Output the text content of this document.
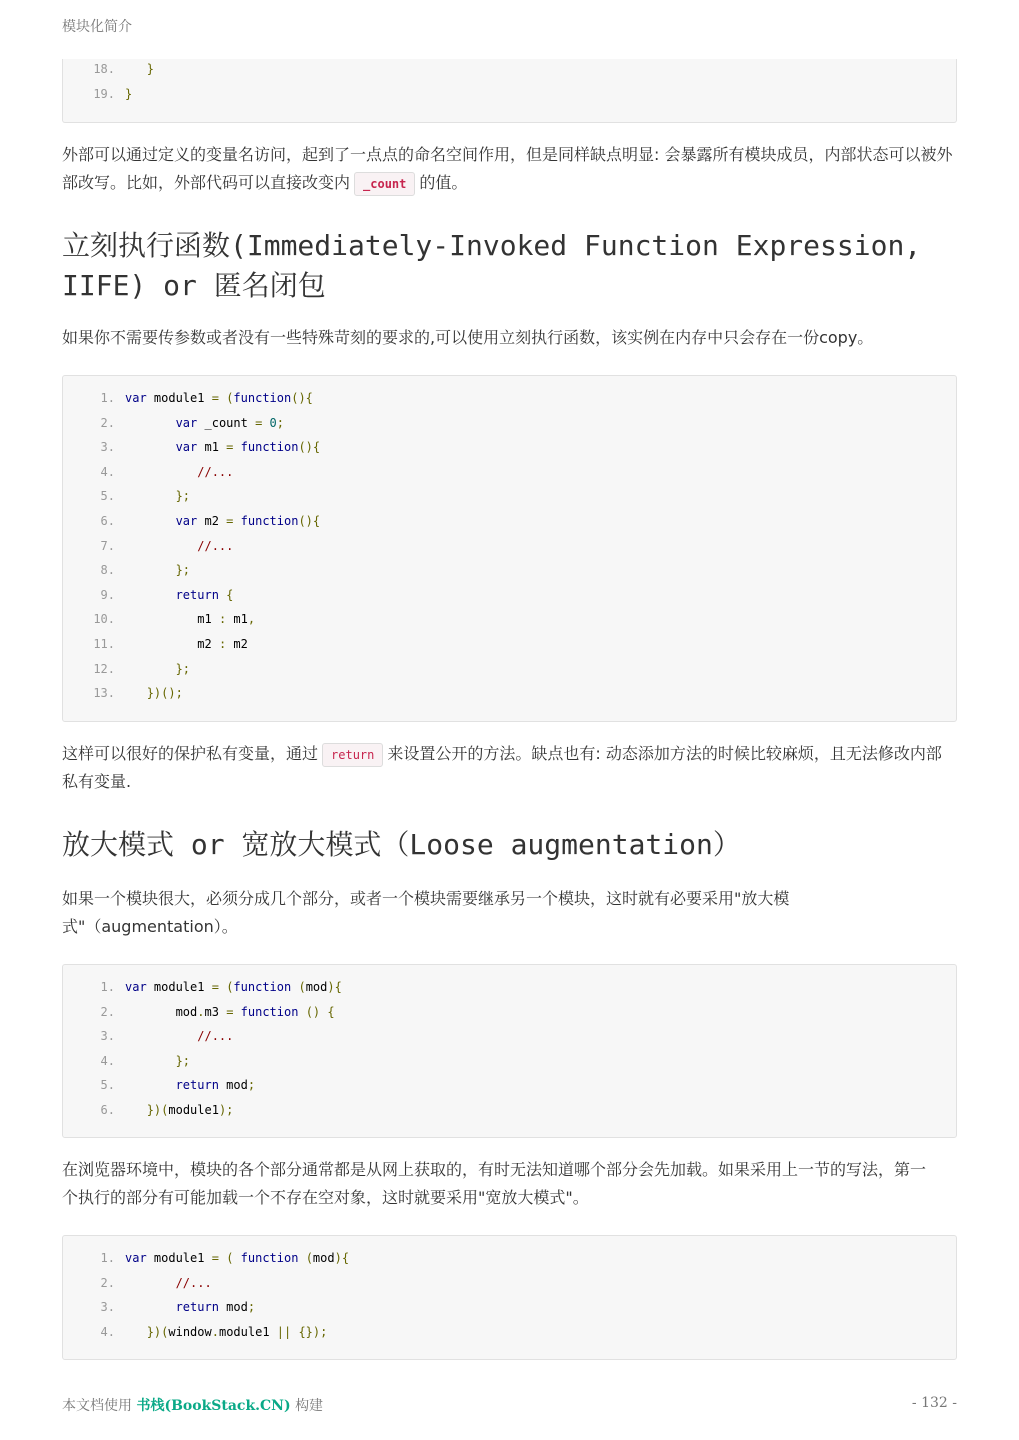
模块化简介
18.	}
19. }
外部可以通过定义的变量名访问，起到了一点点的命名空间作用，但是同样缺点明显: 会暴露所有模块成员，内部状态可以被外部改写。比如，外部代码可以直接改变内 _count 的值。
立刻执行函数(Immediately-Invoked Function Expression, IIFE) or 匿名闭包
如果你不需要传参数或者没有一些特殊苛刻的要求的,可以使用立刻执行函数，该实例在内存中只会存在一份copy。
1. var module1 = (function(){
2.	var _count = 0;
3.	var m1 = function(){
4.	//...
5.	};
6.	var m2 = function(){
7.	//...
8.	};
9.	return {
10.	m1 : m1,
11.	m2 : m2
12.	};
13.	})();
这样可以很好的保护私有变量，通过 return 来设置公开的方法。缺点也有: 动态添加方法的时候比较麻烦，且无法修改内部私有变量.
放大模式 or 宽放大模式（Loose augmentation）
如果一个模块很大，必须分成几个部分，或者一个模块需要继承另一个模块，这时就有必要采用"放大模式"（augmentation）。
1. var module1 = (function (mod){
2.	mod.m3 = function () {
3.	//...
4.	};
5.	return mod;
6.	})(module1);
在浏览器环境中，模块的各个部分通常都是从网上获取的，有时无法知道哪个部分会先加载。如果采用上一节的写法，第一个执行的部分有可能加载一个不存在空对象，这时就要采用"宽放大模式"。
1. var module1 = ( function (mod){
2.	//...
3.	return mod;
4.	})(window.module1 || {});
本文档使用 书栈(BookStack.CN) 构建	- 132 -
